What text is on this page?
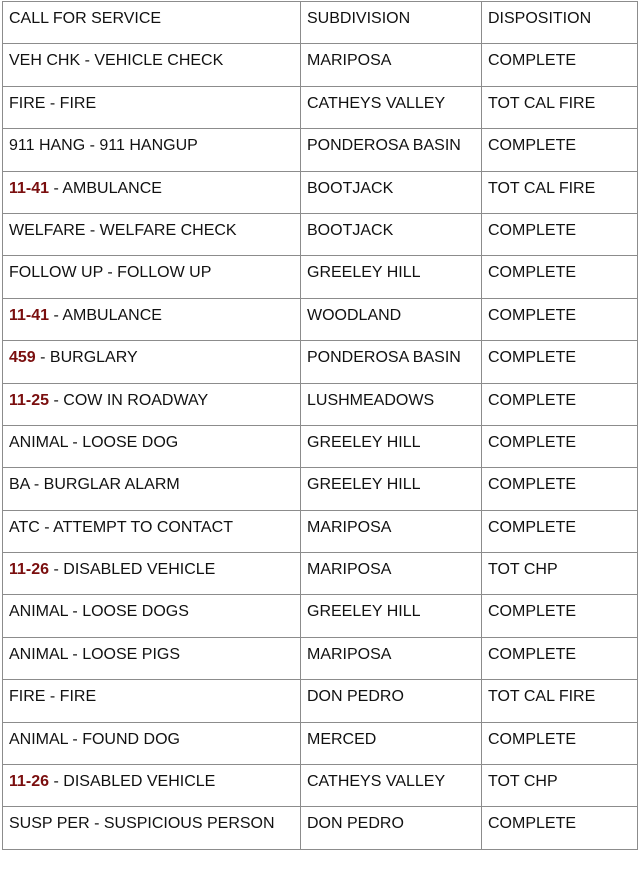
CALL FOR SERVICE	SUBDIVISION	DISPOSITION

VEH CHK - VEHICLE CHECK	MARIPOSA	COMPLETE

FIRE - FIRE	CATHEYS VALLEY	TOT CAL FIRE

911 HANG - 911 HANGUP	PONDEROSA BASIN	COMPLETE

11-41 - AMBULANCE	BOOTJACK	TOT CAL FIRE

WELFARE - WELFARE CHECK	BOOTJACK	COMPLETE

FOLLOW UP - FOLLOW UP	GREELEY HILL	COMPLETE

11-41 - AMBULANCE	WOODLAND	COMPLETE

459 - BURGLARY	PONDEROSA BASIN	COMPLETE

11-25 - COW IN ROADWAY	LUSHMEADOWS	COMPLETE

ANIMAL - LOOSE DOG	GREELEY HILL	COMPLETE

BA - BURGLAR ALARM	GREELEY HILL	COMPLETE

ATC - ATTEMPT TO CONTACT	MARIPOSA	COMPLETE

11-26 - DISABLED VEHICLE	MARIPOSA	TOT CHP

ANIMAL - LOOSE DOGS	GREELEY HILL	COMPLETE

ANIMAL - LOOSE PIGS	MARIPOSA	COMPLETE

FIRE - FIRE	DON PEDRO	TOT CAL FIRE

ANIMAL - FOUND DOG	MERCED	COMPLETE

11-26 - DISABLED VEHICLE	CATHEYS VALLEY	TOT CHP

SUSP PER - SUSPICIOUS PERSON	DON PEDRO	COMPLETE
